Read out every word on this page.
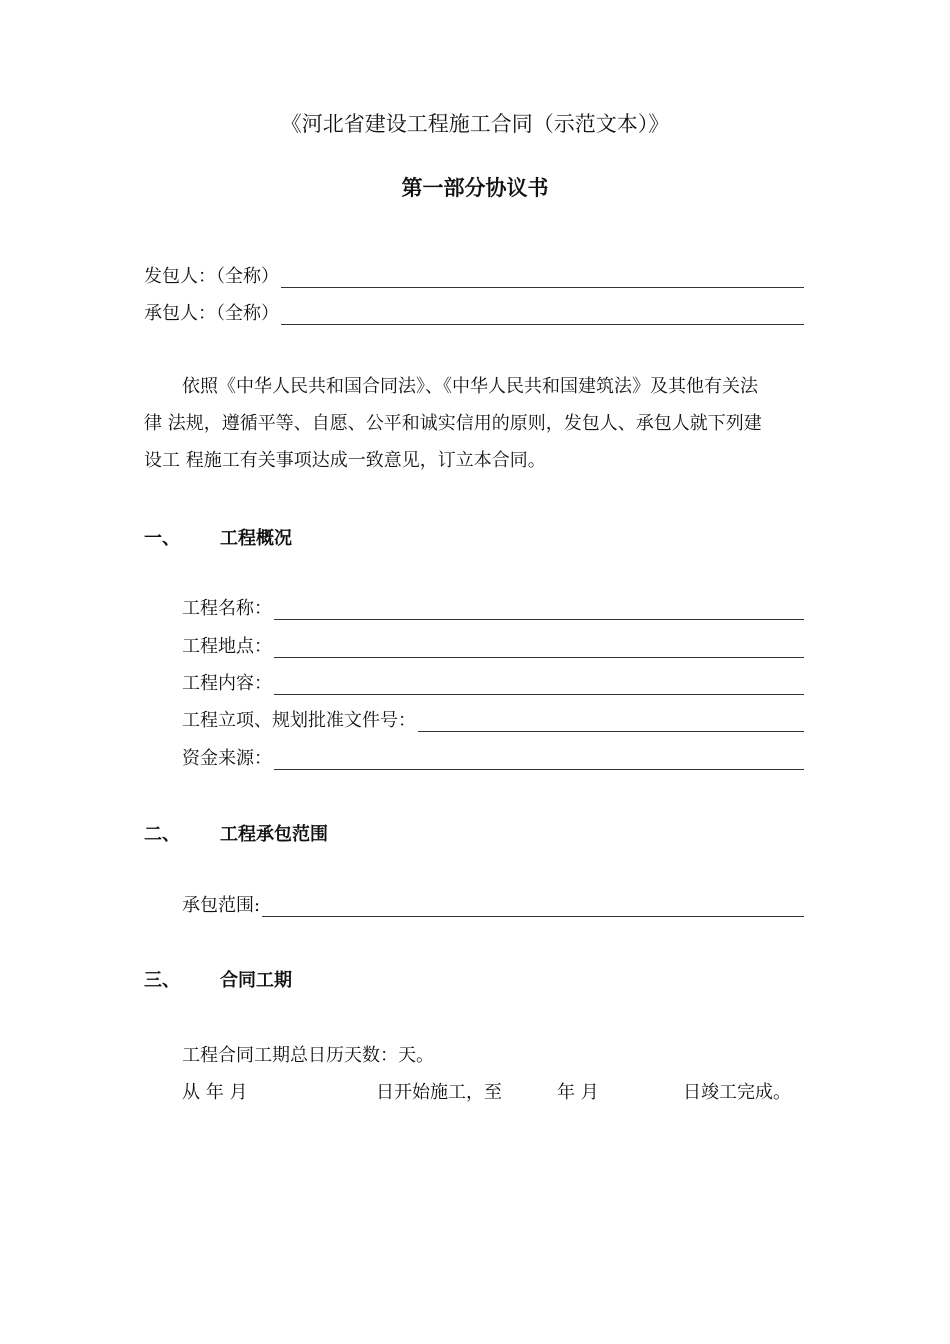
《河北省建设工程施工合同（示范文本）》
第一部分协议书
发包人：（全称）
承包人：（全称）
依照《中华人民共和国合同法》、《中华人民共和国建筑法》及其他有关法
律 法规，遵循平等、自愿、公平和诚实信用的原则，发包人、承包人就下列建
设工 程施工有关事项达成一致意见，订立本合同。
一、 工程概况
工程名称：
工程地点：
工程内容：
工程立项、规划批准文件号：
资金来源：
二、 工程承包范围
承包范围:
三、 合同工期
工程合同工期总日历天数：天。
从 年 月	日开始施工，至	年 月	日竣工完成。
